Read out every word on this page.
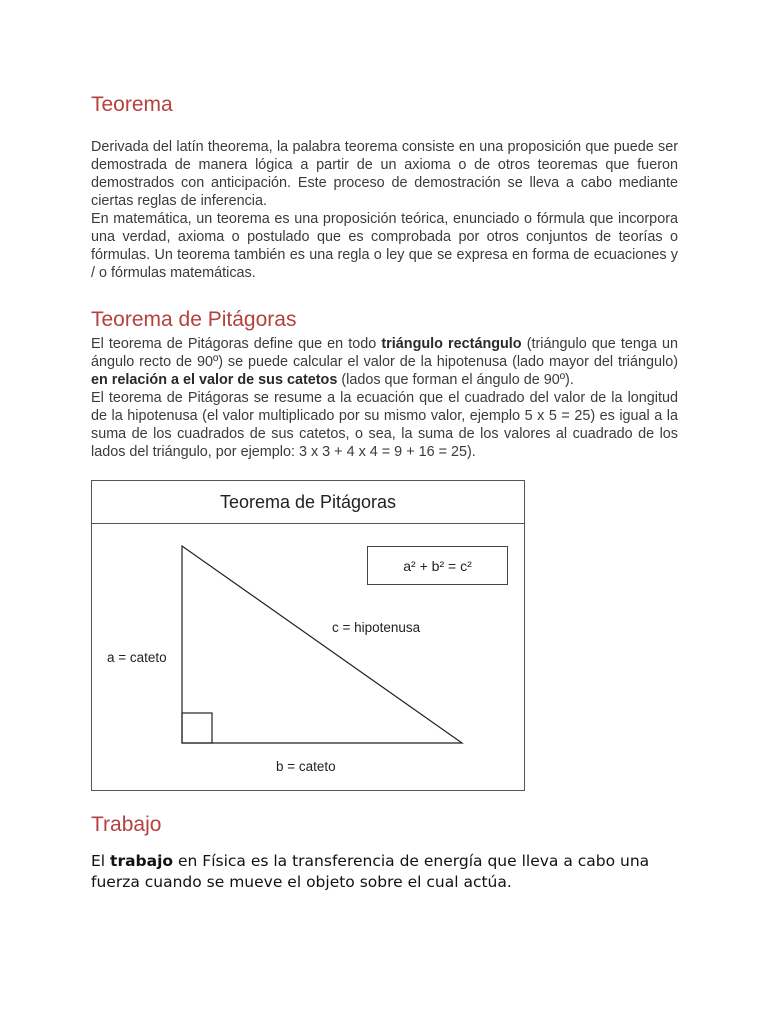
Teorema

Derivada del latín theorema, la palabra teorema consiste en una proposición que puede ser demostrada de manera lógica a partir de un axioma o de otros teoremas que fueron demostrados con anticipación. Este proceso de demostración se lleva a cabo mediante ciertas reglas de inferencia.

En matemática, un teorema es una proposición teórica, enunciado o fórmula que incorpora una verdad, axioma o postulado que es comprobada por otros conjuntos de teorías o fórmulas. Un teorema también es una regla o ley que se expresa en forma de ecuaciones y / o fórmulas matemáticas.

Teorema de Pitágoras

El teorema de Pitágoras define que en todo triángulo rectángulo (triángulo que tenga un ángulo recto de 90º) se puede calcular el valor de la hipotenusa (lado mayor del triángulo) en relación a el valor de sus catetos (lados que forman el ángulo de 90º).

El teorema de Pitágoras se resume a la ecuación que el cuadrado del valor de la longitud de la hipotenusa (el valor multiplicado por su mismo valor, ejemplo 5 x 5 = 25) es igual a la suma de los cuadrados de sus catetos, o sea, la suma de los valores al cuadrado de los lados del triángulo, por ejemplo: 3 x 3 + 4 x 4 = 9 + 16 = 25).

Trabajo

El trabajo en Física es la transferencia de energía que lleva a cabo una fuerza cuando se mueve el objeto sobre el cual actúa.

Teorema de Pitágoras
a² + b² = c²
a = cateto
b = cateto
c = hipotenusa
